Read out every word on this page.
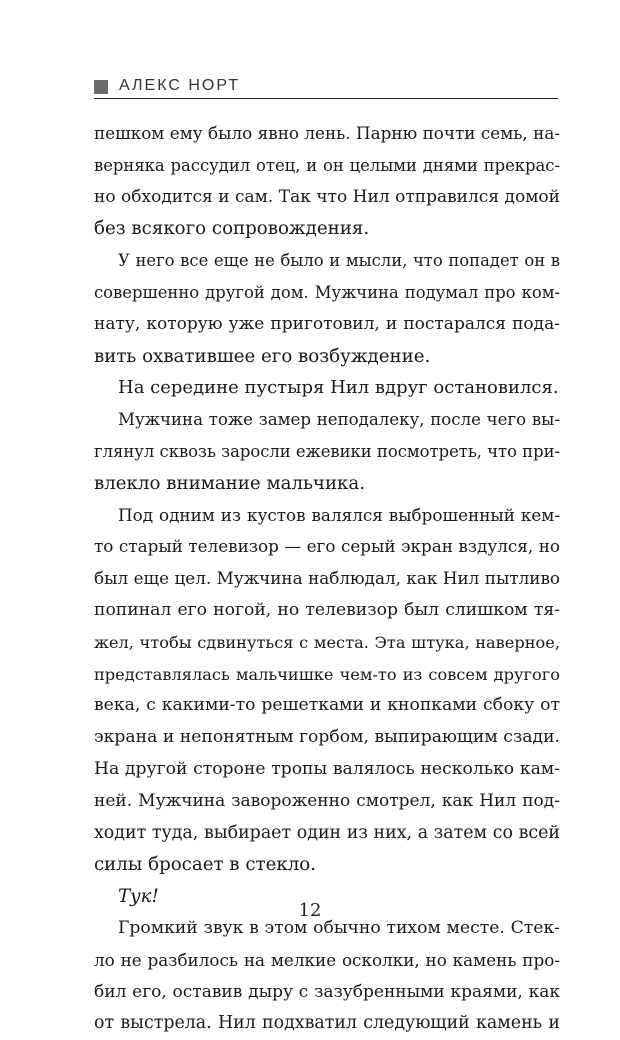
АЛЕКС НОРТ
пешком ему было явно лень. Парню почти семь, на-
верняка рассудил отец, и он целыми днями прекрас-
но обходится и сам. Так что Нил отправился домой
без всякого сопровождения.
У него все еще не было и мысли, что попадет он в
совершенно другой дом. Мужчина подумал про ком-
нату, которую уже приготовил, и постарался пода-
вить охватившее его возбуждение.
На середине пустыря Нил вдруг остановился.
Мужчина тоже замер неподалеку, после чего вы-
глянул сквозь заросли ежевики посмотреть, что при-
влекло внимание мальчика.
Под одним из кустов валялся выброшенный кем-
то старый телевизор — его серый экран вздулся, но
был еще цел. Мужчина наблюдал, как Нил пытливо
попинал его ногой, но телевизор был слишком тя-
жел, чтобы сдвинуться с места. Эта штука, наверное,
представлялась мальчишке чем-то из совсем другого
века, с какими-то решетками и кнопками сбоку от
экрана и непонятным горбом, выпирающим сзади.
На другой стороне тропы валялось несколько кам-
ней. Мужчина завороженно смотрел, как Нил под-
ходит туда, выбирает один из них, а затем со всей
силы бросает в стекло.
Тук!
Громкий звук в этом обычно тихом месте. Стек-
ло не разбилось на мелкие осколки, но камень про-
бил его, оставив дыру с зазубренными краями, как
от выстрела. Нил подхватил следующий камень и
12
